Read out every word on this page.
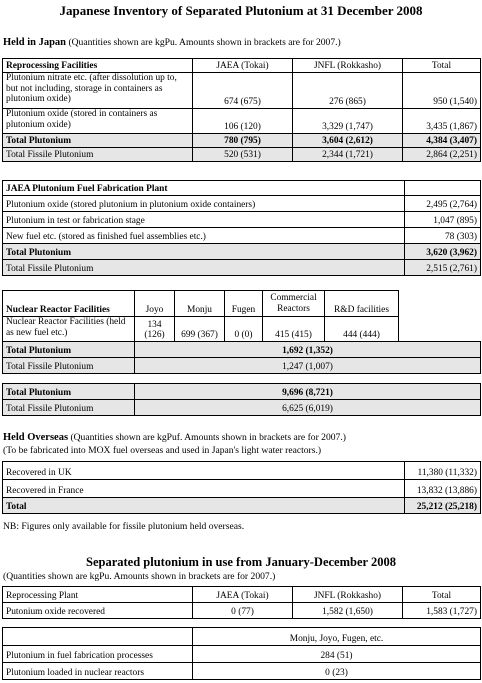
Japanese Inventory of Separated Plutonium at 31 December 2008
Held in Japan (Quantities shown are kgPu. Amounts shown in brackets are for 2007.)
Reprocessing Facilities	JAEA (Tokai)	JNFL (Rokkasho)	Total
Plutonium nitrate etc. (after dissolution up to, but not including, storage in containers as plutonium oxide)	674 (675)	276 (865)	950 (1,540)
Plutonium oxide (stored in containers as plutonium oxide)	106 (120)	3,329 (1,747)	3,435 (1,867)
Total Plutonium	780 (795)	3,604 (2,612)	4,384 (3,407)
Total Fissile Plutonium	520 (531)	2,344 (1,721)	2,864 (2,251)
JAEA Plutonium Fuel Fabrication Plant	
Plutonium oxide (stored plutonium in plutonium oxide containers)	2,495 (2,764)
Plutonium in test or fabrication stage	1,047 (895)
New fuel etc. (stored as finished fuel assemblies etc.)	78 (303)
Total Plutonium	3,620 (3,962)
Total Fissile Plutonium	2,515 (2,761)
Nuclear Reactor Facilities	Joyo	Monju	Fugen	Commercial Reactors	R&D facilities	
Nuclear Reactor Facilities (held as new fuel etc.)	134 (126)	699 (367)	0 (0)	415 (415)	444 (444)	
Total Plutonium	1,692 (1,352)					
Total Fissile Plutonium	1,247 (1,007)					
Total Plutonium	9,696 (8,721)
Total Fissile Plutonium	6,625 (6,019)
Held Overseas (Quantities shown are kgPuf. Amounts shown in brackets are for 2007.)
(To be fabricated into MOX fuel overseas and used in Japan's light water reactors.)
Recovered in UK	11,380 (11,332)
Recovered in France	13,832 (13,886)
Total	25,212 (25,218)
NB: Figures only available for fissile plutonium held overseas.
Separated plutonium in use from January-December 2008
(Quantities shown are kgPu. Amounts shown in brackets are for 2007.)
Reprocessing Plant	JAEA (Tokai)	JNFL (Rokkasho)	Total
Putonium oxide recovered	0 (77)	1,582 (1,650)	1,583 (1,727)
	Monju, Joyo, Fugen, etc.
Plutonium in fuel fabrication processes	284 (51)
Plutonium loaded in nuclear reactors	0 (23)
